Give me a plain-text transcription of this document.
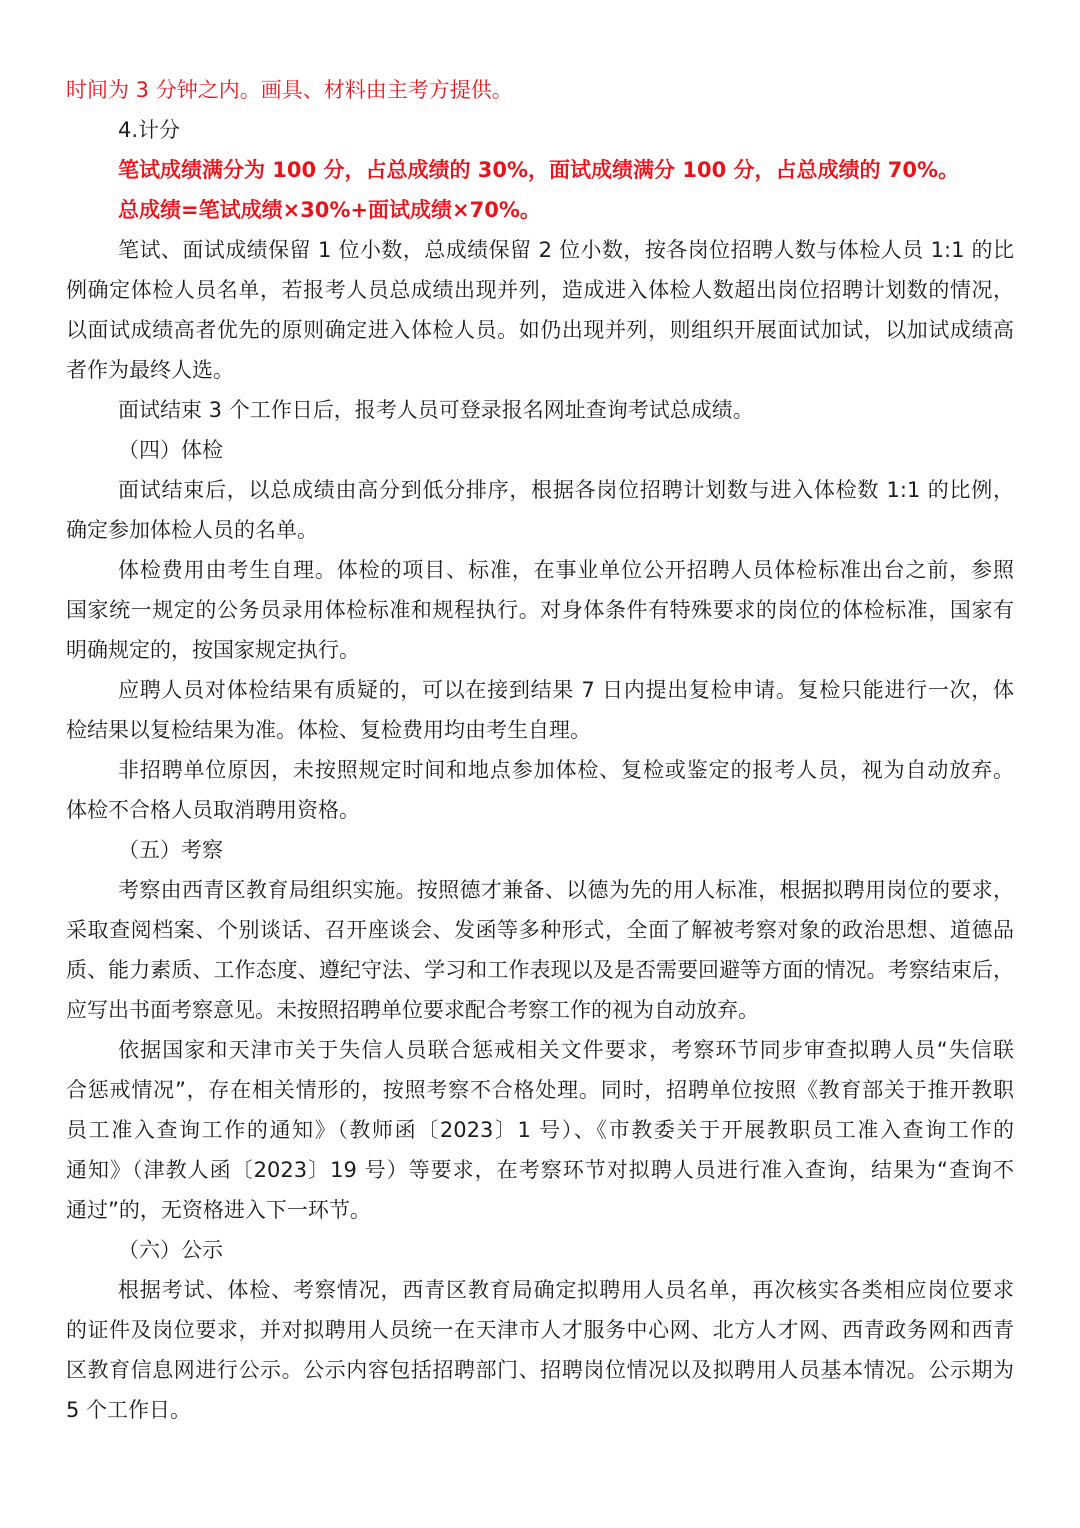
时间为 3 分钟之内。画具、材料由主考方提供。
4.计分
笔试成绩满分为 100 分，占总成绩的 30%，面试成绩满分 100 分，占总成绩的 70%。
总成绩=笔试成绩×30%+面试成绩×70%。
笔试、面试成绩保留 1 位小数，总成绩保留 2 位小数，按各岗位招聘人数与体检人员 1:1 的比
例确定体检人员名单，若报考人员总成绩出现并列，造成进入体检人数超出岗位招聘计划数的情况，
以面试成绩高者优先的原则确定进入体检人员。如仍出现并列，则组织开展面试加试，以加试成绩高
者作为最终人选。
面试结束 3 个工作日后，报考人员可登录报名网址查询考试总成绩。
（四）体检
面试结束后，以总成绩由高分到低分排序，根据各岗位招聘计划数与进入体检数 1:1 的比例，
确定参加体检人员的名单。
体检费用由考生自理。体检的项目、标准，在事业单位公开招聘人员体检标准出台之前，参照
国家统一规定的公务员录用体检标准和规程执行。对身体条件有特殊要求的岗位的体检标准，国家有
明确规定的，按国家规定执行。
应聘人员对体检结果有质疑的，可以在接到结果 7 日内提出复检申请。复检只能进行一次，体
检结果以复检结果为准。体检、复检费用均由考生自理。
非招聘单位原因，未按照规定时间和地点参加体检、复检或鉴定的报考人员，视为自动放弃。
体检不合格人员取消聘用资格。
（五）考察
考察由西青区教育局组织实施。按照德才兼备、以德为先的用人标准，根据拟聘用岗位的要求，
采取查阅档案、个别谈话、召开座谈会、发函等多种形式，全面了解被考察对象的政治思想、道德品
质、能力素质、工作态度、遵纪守法、学习和工作表现以及是否需要回避等方面的情况。考察结束后，
应写出书面考察意见。未按照招聘单位要求配合考察工作的视为自动放弃。
依据国家和天津市关于失信人员联合惩戒相关文件要求，考察环节同步审查拟聘人员“失信联
合惩戒情况”，存在相关情形的，按照考察不合格处理。同时，招聘单位按照《教育部关于推开教职
员工准入查询工作的通知》（教师函〔2023〕1 号）、《市教委关于开展教职员工准入查询工作的
通知》（津教人函〔2023〕19 号）等要求，在考察环节对拟聘人员进行准入查询，结果为“查询不
通过”的，无资格进入下一环节。
（六）公示
根据考试、体检、考察情况，西青区教育局确定拟聘用人员名单，再次核实各类相应岗位要求
的证件及岗位要求，并对拟聘用人员统一在天津市人才服务中心网、北方人才网、西青政务网和西青
区教育信息网进行公示。公示内容包括招聘部门、招聘岗位情况以及拟聘用人员基本情况。公示期为
5 个工作日。
